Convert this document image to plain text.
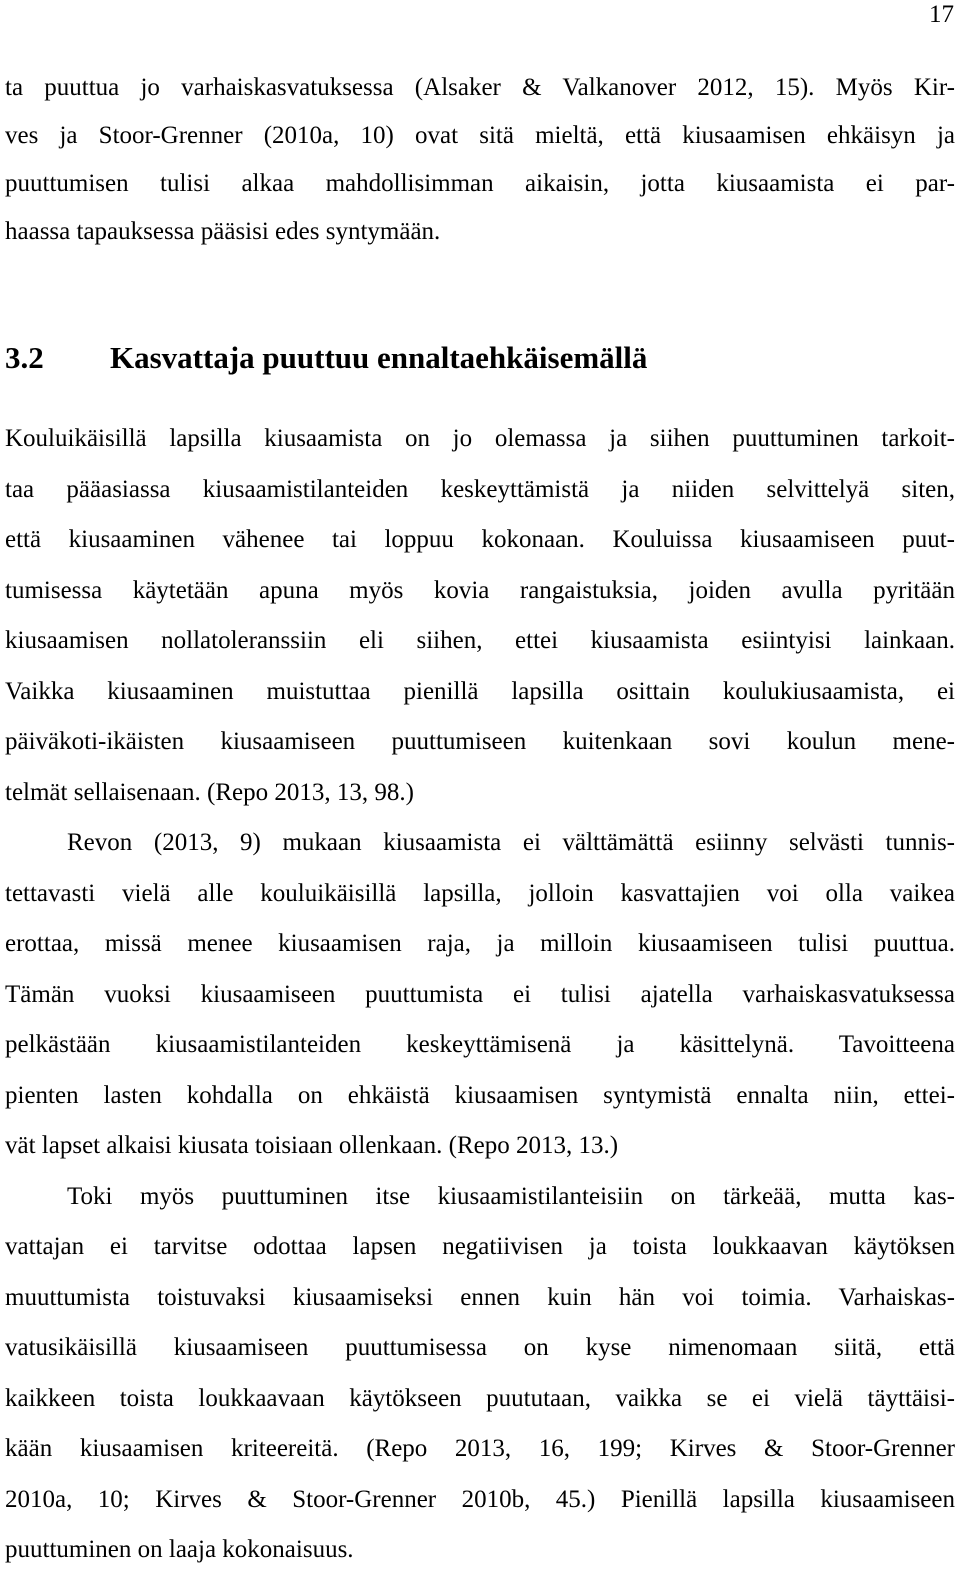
17

ta puuttua jo varhaiskasvatuksessa (Alsaker & Valkanover 2012, 15). Myös Kir-
ves ja Stoor-Grenner (2010a, 10) ovat sitä mieltä, että kiusaamisen ehkäisyn ja
puuttumisen tulisi alkaa mahdollisimman aikaisin, jotta kiusaamista ei par-
haassa tapauksessa pääsisi edes syntymään.

3.2 Kasvattaja puuttuu ennaltaehkäisemällä

Kouluikäisillä lapsilla kiusaamista on jo olemassa ja siihen puuttuminen tarkoit-
taa pääasiassa kiusaamistilanteiden keskeyttämistä ja niiden selvittelyä siten,
että kiusaaminen vähenee tai loppuu kokonaan. Kouluissa kiusaamiseen puut-
tumisessa käytetään apuna myös kovia rangaistuksia, joiden avulla pyritään
kiusaamisen nollatoleranssiin eli siihen, ettei kiusaamista esiintyisi lainkaan.
Vaikka kiusaaminen muistuttaa pienillä lapsilla osittain koulukiusaamista, ei
päiväkoti-ikäisten kiusaamiseen puuttumiseen kuitenkaan sovi koulun mene-
telmät sellaisenaan. (Repo 2013, 13, 98.)

Revon (2013, 9) mukaan kiusaamista ei välttämättä esiinny selvästi tunnis-
tettavasti vielä alle kouluikäisillä lapsilla, jolloin kasvattajien voi olla vaikea
erottaa, missä menee kiusaamisen raja, ja milloin kiusaamiseen tulisi puuttua.
Tämän vuoksi kiusaamiseen puuttumista ei tulisi ajatella varhaiskasvatuksessa
pelkästään kiusaamistilanteiden keskeyttämisenä ja käsittelynä. Tavoitteena
pienten lasten kohdalla on ehkäistä kiusaamisen syntymistä ennalta niin, ettei-
vät lapset alkaisi kiusata toisiaan ollenkaan. (Repo 2013, 13.)

Toki myös puuttuminen itse kiusaamistilanteisiin on tärkeää, mutta kas-
vattajan ei tarvitse odottaa lapsen negatiivisen ja toista loukkaavan käytöksen
muuttumista toistuvaksi kiusaamiseksi ennen kuin hän voi toimia. Varhaiskas-
vatusikäisillä kiusaamiseen puuttumisessa on kyse nimenomaan siitä, että
kaikkeen toista loukkaavaan käytökseen puututaan, vaikka se ei vielä täyttäisi-
kään kiusaamisen kriteereitä. (Repo 2013, 16, 199; Kirves & Stoor-Grenner
2010a, 10; Kirves & Stoor-Grenner 2010b, 45.) Pienillä lapsilla kiusaamiseen
puuttuminen on laaja kokonaisuus.
